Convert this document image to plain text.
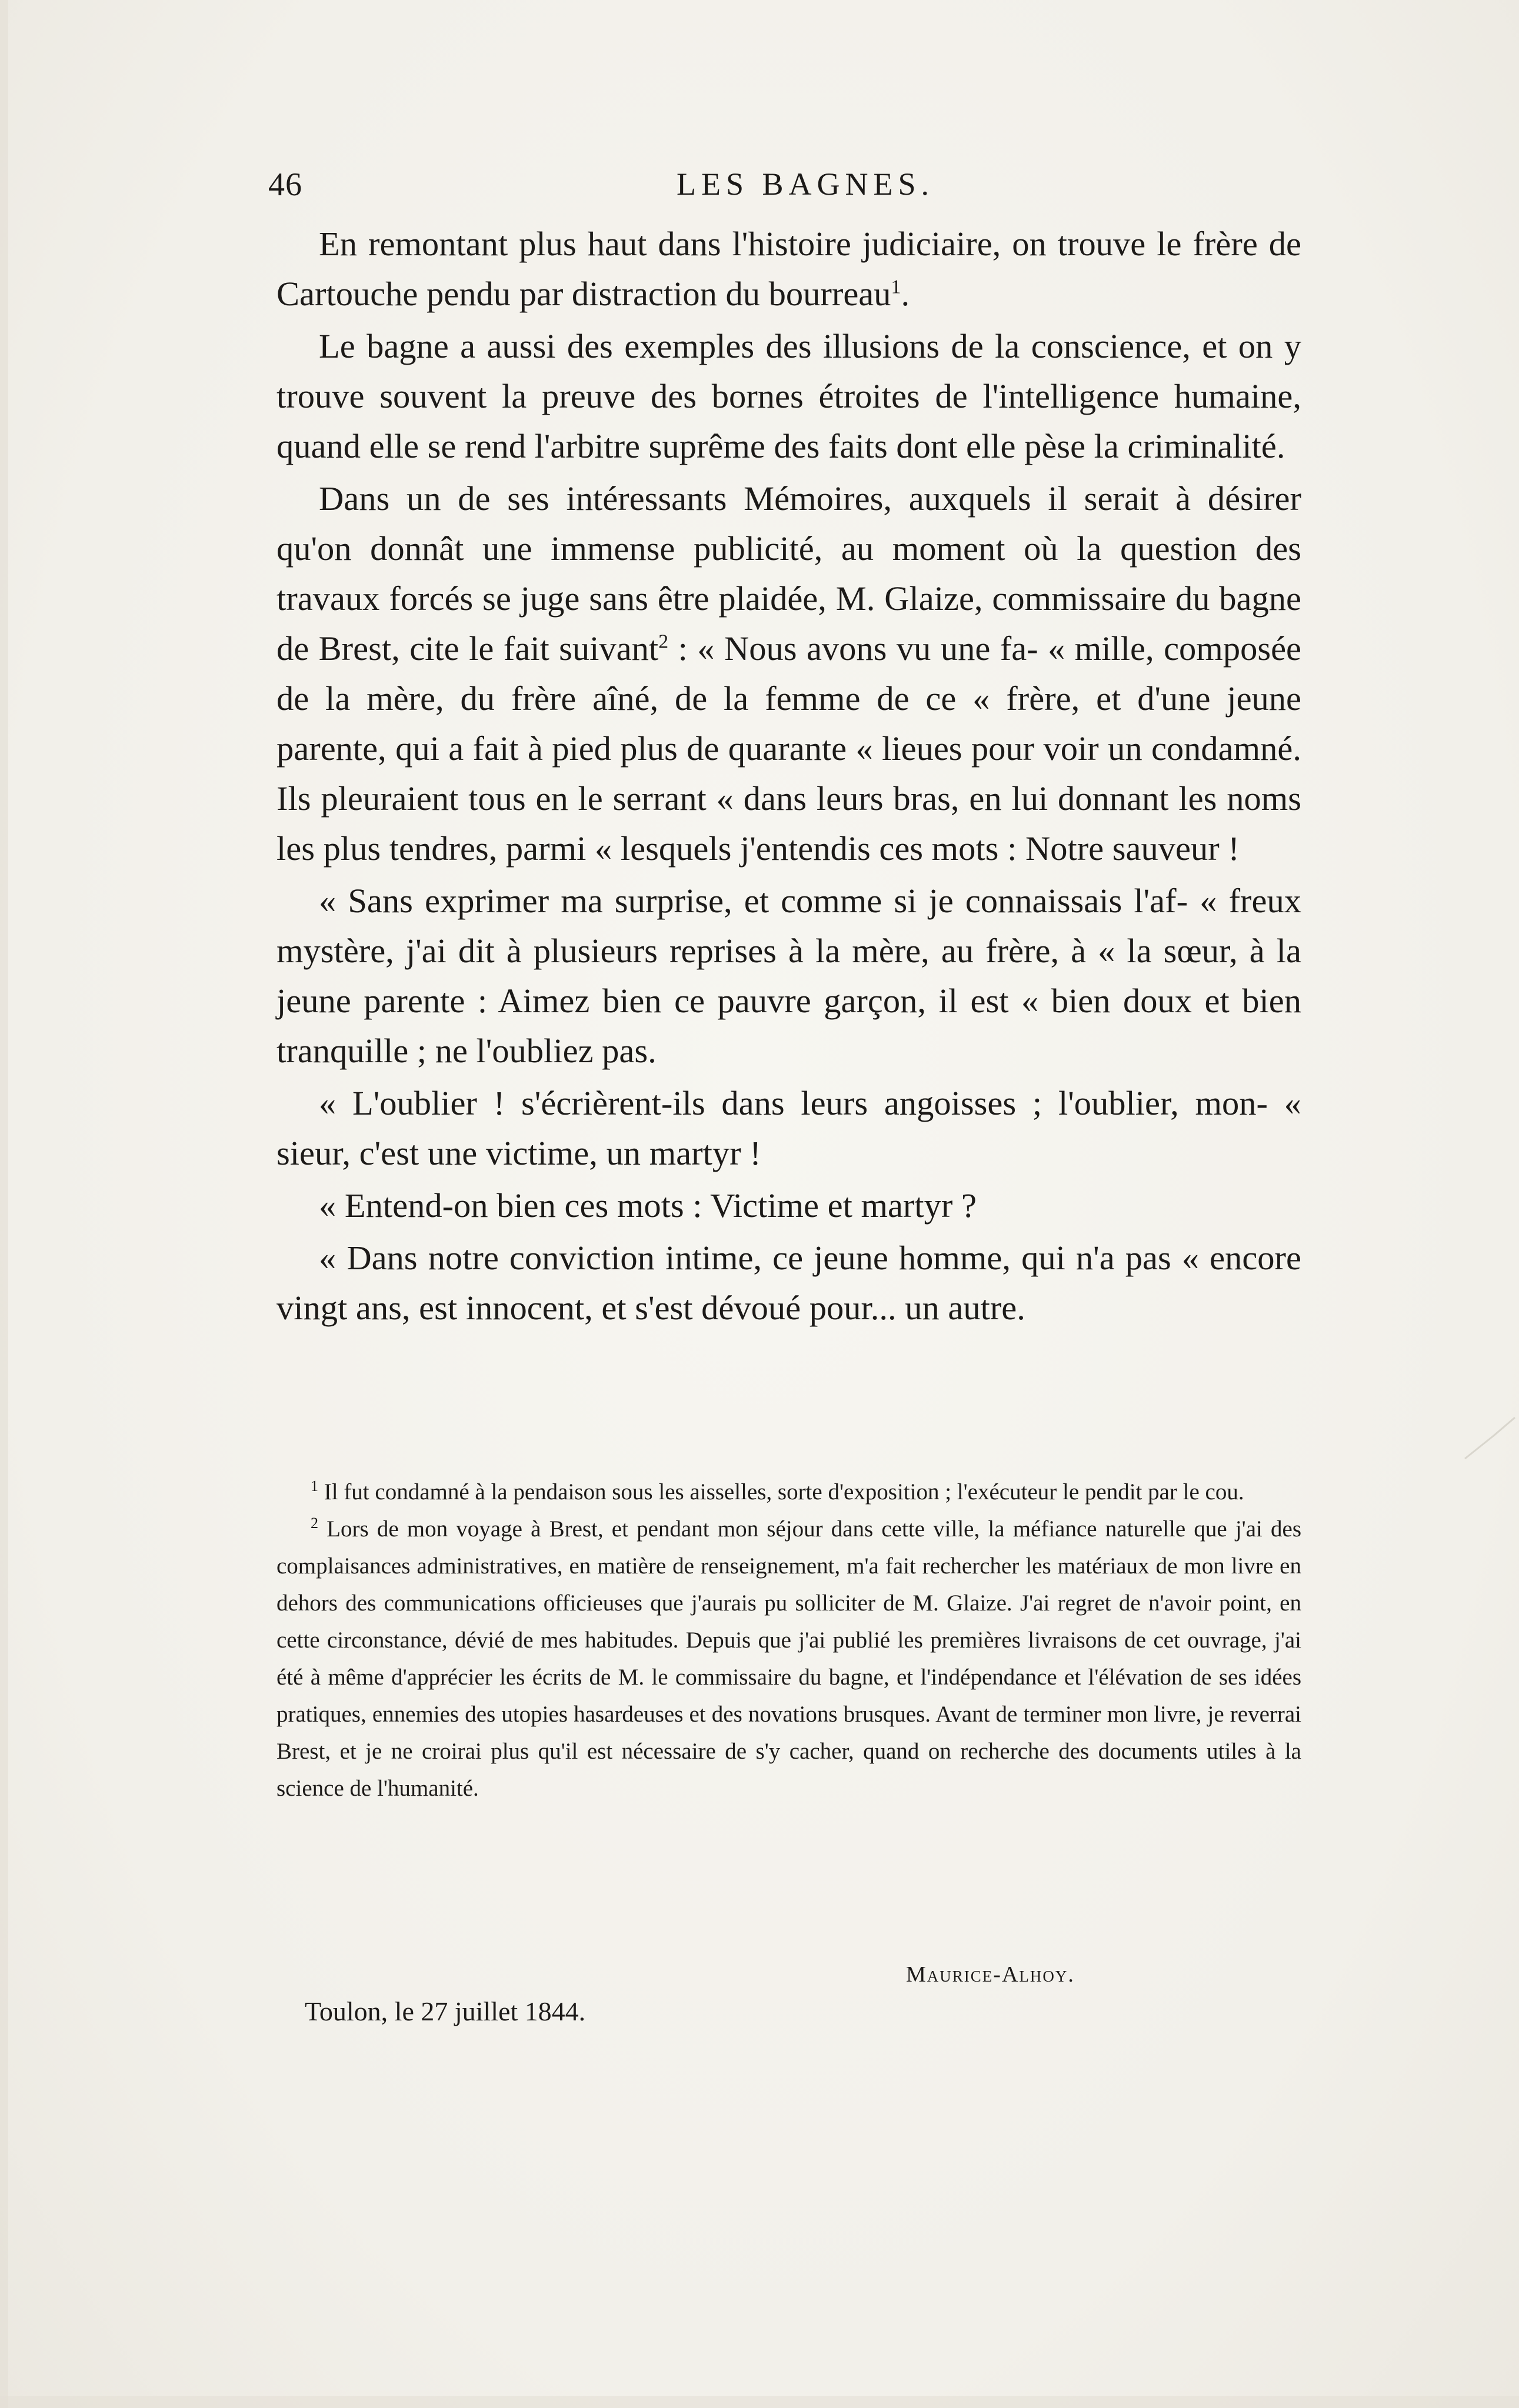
46	LES BAGNES.

En remontant plus haut dans l'histoire judiciaire, on trouve le frère de Cartouche pendu par distraction du bourreau$^1$.

Le bagne a aussi des exemples des illusions de la conscience, et on y trouve souvent la preuve des bornes étroites de l'intelligence humaine, quand elle se rend l'arbitre suprême des faits dont elle pèse la criminalité.

Dans un de ses intéressants Mémoires, auxquels il serait à désirer qu'on donnât une immense publicité, au moment où la question des travaux forcés se juge sans être plaidée, M. Glaize, commissaire du bagne de Brest, cite le fait suivant$^2$ : « Nous avons vu une fa- « mille, composée de la mère, du frère aîné, de la femme de ce « frère, et d'une jeune parente, qui a fait à pied plus de quarante « lieues pour voir un condamné. Ils pleuraient tous en le serrant « dans leurs bras, en lui donnant les noms les plus tendres, parmi « lesquels j'entendis ces mots : Notre sauveur !

« Sans exprimer ma surprise, et comme si je connaissais l'af- « freux mystère, j'ai dit à plusieurs reprises à la mère, au frère, à « la sœur, à la jeune parente : Aimez bien ce pauvre garçon, il est « bien doux et bien tranquille ; ne l'oubliez pas.

« L'oublier ! s'écrièrent-ils dans leurs angoisses ; l'oublier, mon- « sieur, c'est une victime, un martyr !

« Entend-on bien ces mots : Victime et martyr ?

« Dans notre conviction intime, ce jeune homme, qui n'a pas « encore vingt ans, est innocent, et s'est dévoué pour... un autre.

$^1$ Il fut condamné à la pendaison sous les aisselles, sorte d'exposition ; l'exécuteur le pendit par le cou.

$^2$ Lors de mon voyage à Brest, et pendant mon séjour dans cette ville, la méfiance naturelle que j'ai des complaisances administratives, en matière de renseignement, m'a fait rechercher les matériaux de mon livre en dehors des communications officieuses que j'aurais pu solliciter de M. Glaize. J'ai regret de n'avoir point, en cette circonstance, dévié de mes habitudes. Depuis que j'ai publié les premières livraisons de cet ouvrage, j'ai été à même d'apprécier les écrits de M. le commissaire du bagne, et l'indépendance et l'élévation de ses idées pratiques, ennemies des utopies hasardeuses et des novations brusques. Avant de terminer mon livre, je reverrai Brest, et je ne croirai plus qu'il est nécessaire de s'y cacher, quand on recherche des documents utiles à la science de l'humanité.

Maurice-Alhoy.
Toulon, le 27 juillet 1844.
